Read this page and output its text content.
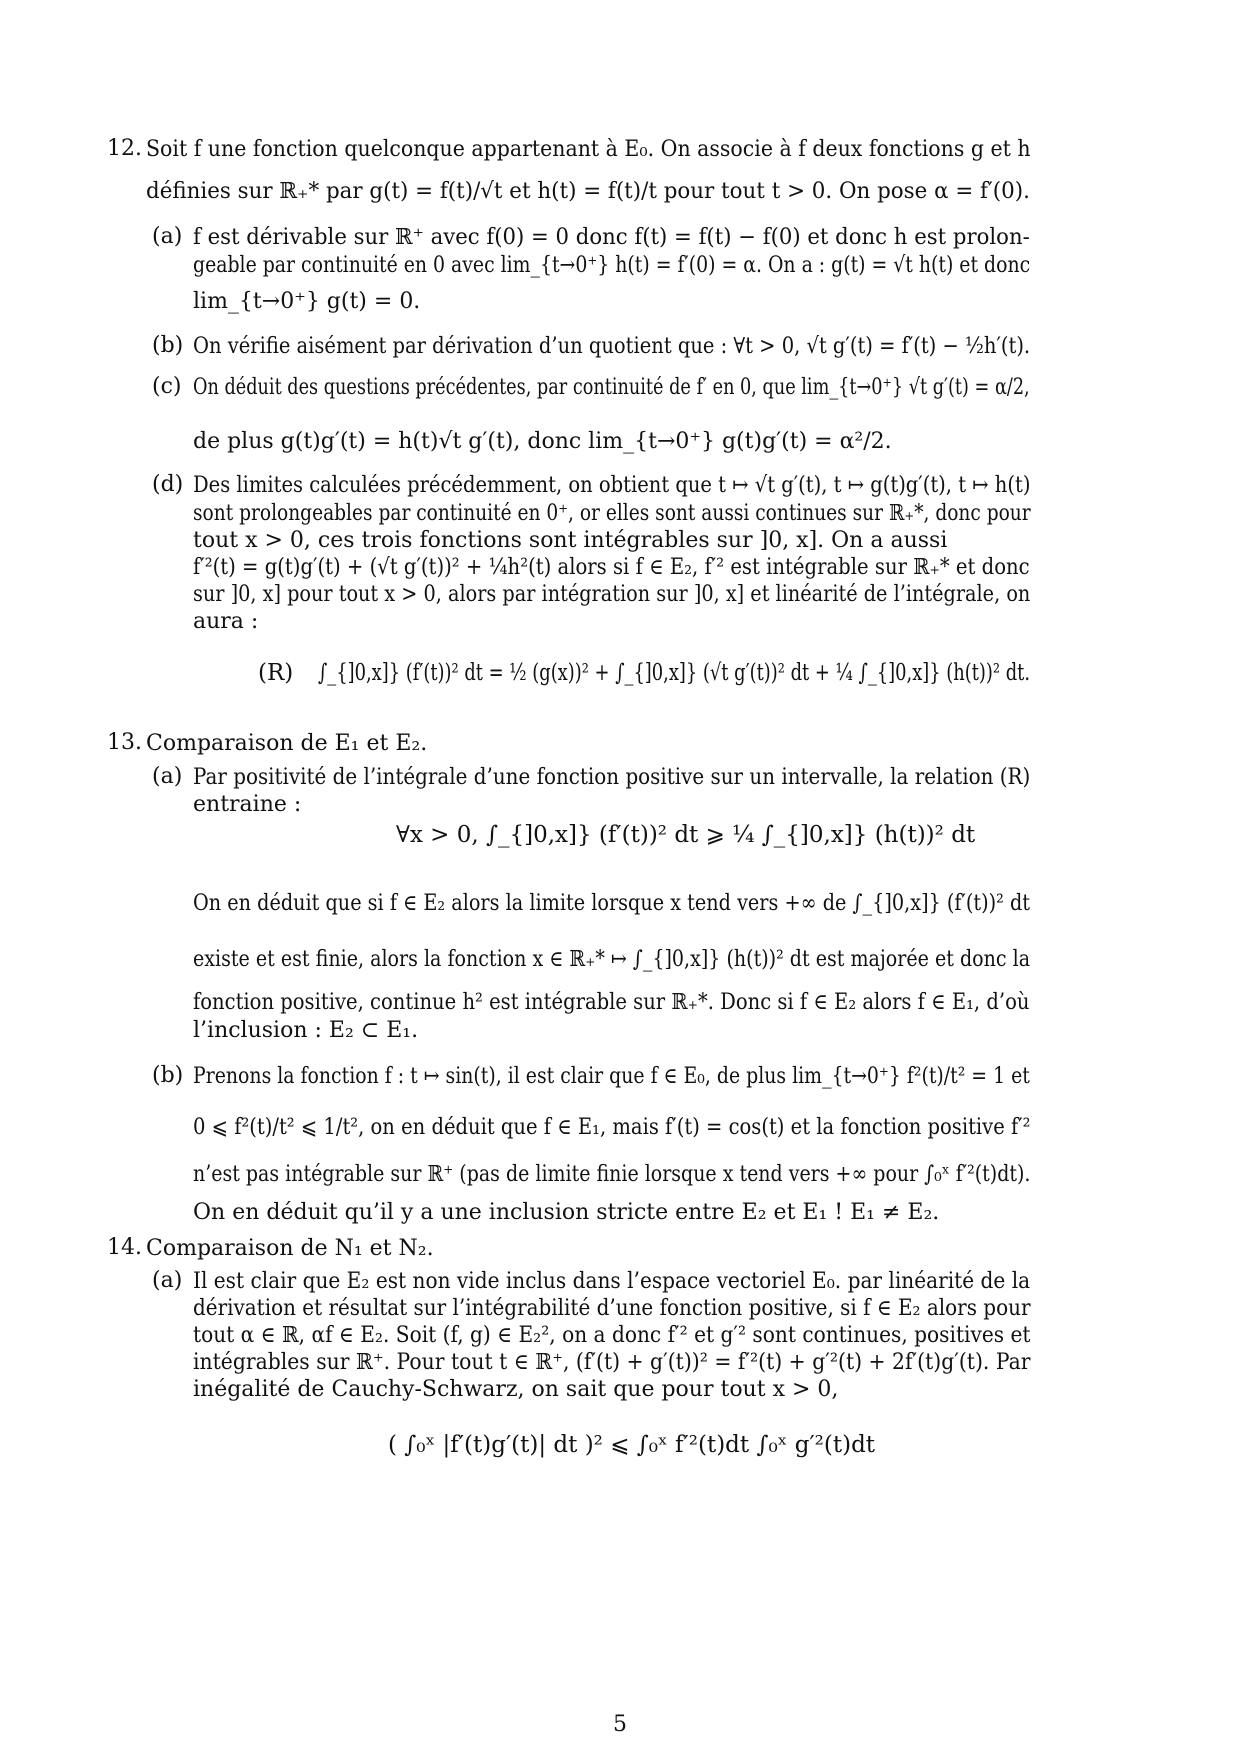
12. Soit f une fonction quelconque appartenant à E₀. On associe à f deux fonctions g et h
définies sur ℝ₊* par g(t) = f(t)/√t et h(t) = f(t)/t pour tout t > 0. On pose α = f′(0).
(a) f est dérivable sur ℝ⁺ avec f(0) = 0 donc f(t) = f(t) − f(0) et donc h est prolon-
geable par continuité en 0 avec lim_{t→0⁺} h(t) = f′(0) = α. On a : g(t) = √t h(t) et donc
lim_{t→0⁺} g(t) = 0.
(b) On vérifie aisément par dérivation d’un quotient que : ∀t > 0, √t g′(t) = f′(t) − ½h′(t).
(c) On déduit des questions précédentes, par continuité de f′ en 0, que lim_{t→0⁺} √t g′(t) = α/2,
de plus g(t)g′(t) = h(t)√t g′(t), donc lim_{t→0⁺} g(t)g′(t) = α²/2.
(d) Des limites calculées précédemment, on obtient que t ↦ √t g′(t), t ↦ g(t)g′(t), t ↦ h(t)
sont prolongeables par continuité en 0⁺, or elles sont aussi continues sur ℝ₊*, donc pour
tout x > 0, ces trois fonctions sont intégrables sur ]0, x]. On a aussi
f′²(t) = g(t)g′(t) + (√t g′(t))² + ¼h²(t) alors si f ∈ E₂, f′² est intégrable sur ℝ₊* et donc
sur ]0, x] pour tout x > 0, alors par intégration sur ]0, x] et linéarité de l’intégrale, on
aura :
(R) ∫_{]0,x]} (f′(t))² dt = ½ (g(x))² + ∫_{]0,x]} (√t g′(t))² dt + ¼ ∫_{]0,x]} (h(t))² dt.
13. Comparaison de E₁ et E₂.
(a) Par positivité de l’intégrale d’une fonction positive sur un intervalle, la relation (R)
entraine :
∀x > 0, ∫_{]0,x]} (f′(t))² dt ⩾ ¼ ∫_{]0,x]} (h(t))² dt
On en déduit que si f ∈ E₂ alors la limite lorsque x tend vers +∞ de ∫_{]0,x]} (f′(t))² dt
existe et est finie, alors la fonction x ∈ ℝ₊* ↦ ∫_{]0,x]} (h(t))² dt est majorée et donc la
fonction positive, continue h² est intégrable sur ℝ₊*. Donc si f ∈ E₂ alors f ∈ E₁, d’où
l’inclusion : E₂ ⊂ E₁.
(b) Prenons la fonction f : t ↦ sin(t), il est clair que f ∈ E₀, de plus lim_{t→0⁺} f²(t)/t² = 1 et
0 ⩽ f²(t)/t² ⩽ 1/t², on en déduit que f ∈ E₁, mais f′(t) = cos(t) et la fonction positive f′²
n’est pas intégrable sur ℝ⁺ (pas de limite finie lorsque x tend vers +∞ pour ∫₀ˣ f′²(t)dt).
On en déduit qu’il y a une inclusion stricte entre E₂ et E₁ ! E₁ ≠ E₂.
14. Comparaison de N₁ et N₂.
(a) Il est clair que E₂ est non vide inclus dans l’espace vectoriel E₀. par linéarité de la
dérivation et résultat sur l’intégrabilité d’une fonction positive, si f ∈ E₂ alors pour
tout α ∈ ℝ, αf ∈ E₂. Soit (f, g) ∈ E₂², on a donc f′² et g′² sont continues, positives et
intégrables sur ℝ⁺. Pour tout t ∈ ℝ⁺, (f′(t) + g′(t))² = f′²(t) + g′²(t) + 2f′(t)g′(t). Par
inégalité de Cauchy-Schwarz, on sait que pour tout x > 0,
( ∫₀ˣ |f′(t)g′(t)| dt )² ⩽ ∫₀ˣ f′²(t)dt ∫₀ˣ g′²(t)dt
5
